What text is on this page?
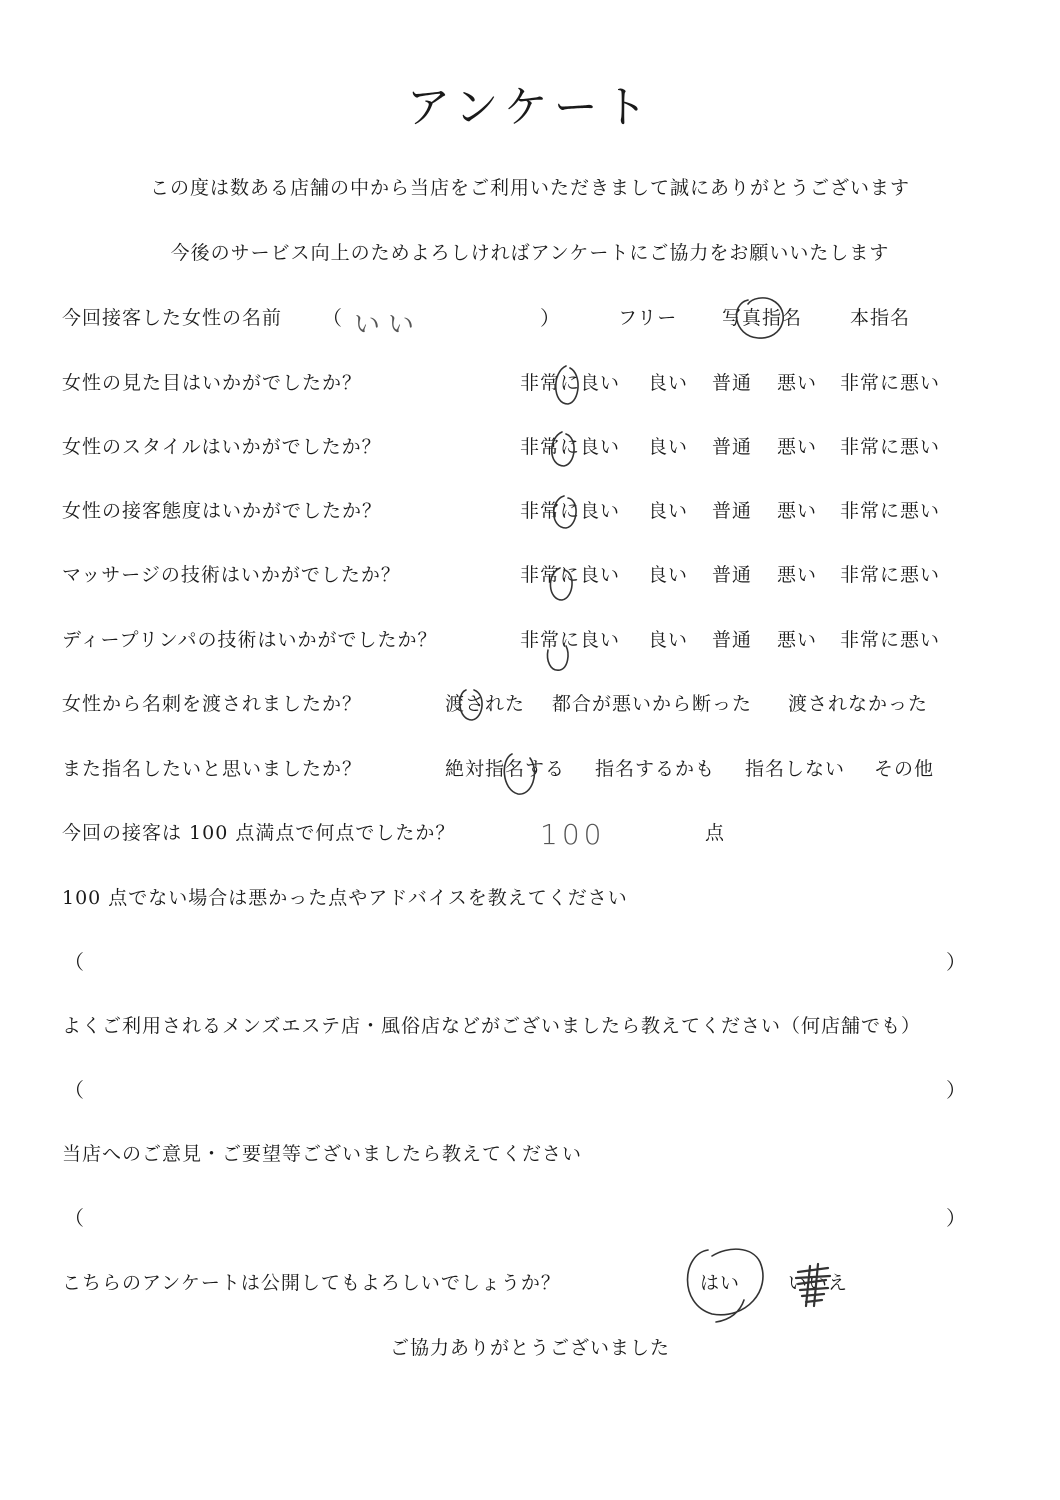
アンケート
この度は数ある店舗の中から当店をご利用いただきまして誠にありがとうございます
今後のサービス向上のためよろしければアンケートにご協力をお願いいたします
今回接客した女性の名前 （ いい	）	フリー 写真指名	本指名
女性の見た目はいかがでしたか？	非常に良い 良い 普通 悪い 非常に悪い
女性のスタイルはいかがでしたか？	非常に良い 良い 普通 悪い 非常に悪い
女性の接客態度はいかがでしたか？	非常に良い 良い 普通 悪い 非常に悪い
マッサージの技術はいかがでしたか？	非常に良い 良い 普通 悪い 非常に悪い
ディープリンパの技術はいかがでしたか？	非常に良い 良い 普通 悪い 非常に悪い
女性から名刺を渡されましたか？	渡された 都合が悪いから断った 渡されなかった
また指名したいと思いましたか？	絶対指名する 指名するかも 指名しない その他
今回の接客は 100 点満点で何点でしたか？	100	点
100 点でない場合は悪かった点やアドバイスを教えてください
（	）
よくご利用されるメンズエステ店・風俗店などがございましたら教えてください（何店舗でも）
（	）
当店へのご意見・ご要望等ございましたら教えてください
（	）
こちらのアンケートは公開してもよろしいでしょうか？	はい	いいえ
ご協力ありがとうございました
